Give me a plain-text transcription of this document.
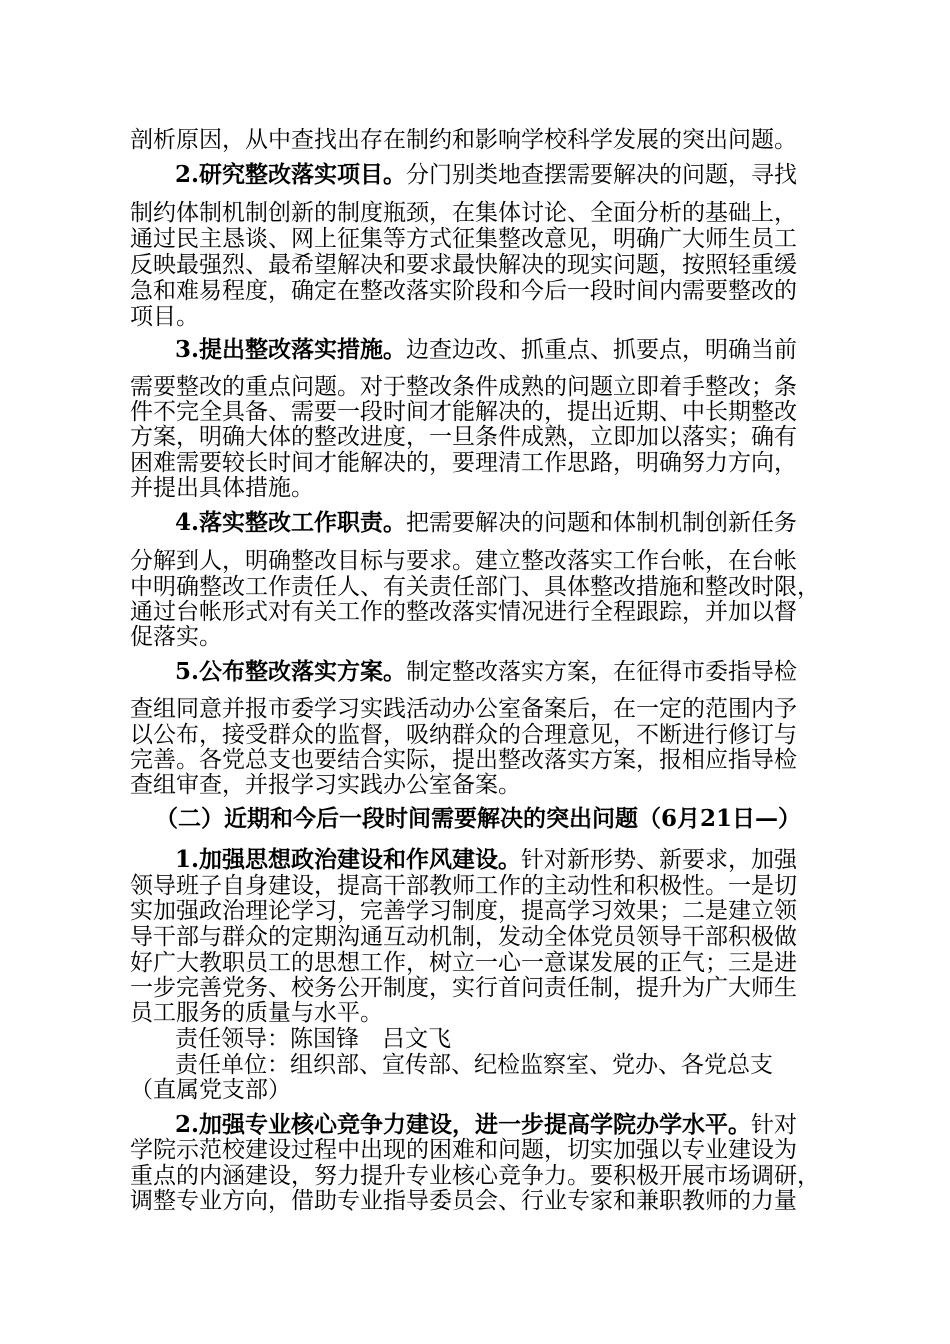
剖析原因，从中查找出存在制约和影响学校科学发展的突出问题。
2.研究整改落实项目。分门别类地查摆需要解决的问题，寻找
制约体制机制创新的制度瓶颈，在集体讨论、全面分析的基础上，
通过民主恳谈、网上征集等方式征集整改意见，明确广大师生员工
反映最强烈、最希望解决和要求最快解决的现实问题，按照轻重缓
急和难易程度，确定在整改落实阶段和今后一段时间内需要整改的
项目。
3.提出整改落实措施。边查边改、抓重点、抓要点，明确当前
需要整改的重点问题。对于整改条件成熟的问题立即着手整改；条
件不完全具备、需要一段时间才能解决的，提出近期、中长期整改
方案，明确大体的整改进度，一旦条件成熟，立即加以落实；确有
困难需要较长时间才能解决的，要理清工作思路，明确努力方向，
并提出具体措施。
4.落实整改工作职责。把需要解决的问题和体制机制创新任务
分解到人，明确整改目标与要求。建立整改落实工作台帐，在台帐
中明确整改工作责任人、有关责任部门、具体整改措施和整改时限，
通过台帐形式对有关工作的整改落实情况进行全程跟踪，并加以督
促落实。
5.公布整改落实方案。制定整改落实方案，在征得市委指导检
查组同意并报市委学习实践活动办公室备案后，在一定的范围内予
以公布，接受群众的监督，吸纳群众的合理意见，不断进行修订与
完善。各党总支也要结合实际，提出整改落实方案，报相应指导检
查组审查，并报学习实践办公室备案。
（二）近期和今后一段时间需要解决的突出问题（6月21日—）
1.加强思想政治建设和作风建设。针对新形势、新要求，加强
领导班子自身建设，提高干部教师工作的主动性和积极性。一是切
实加强政治理论学习，完善学习制度，提高学习效果；二是建立领
导干部与群众的定期沟通互动机制，发动全体党员领导干部积极做
好广大教职员工的思想工作，树立一心一意谋发展的正气；三是进
一步完善党务、校务公开制度，实行首问责任制，提升为广大师生
员工服务的质量与水平。
责任领导：陈国锋　吕文飞
责任单位：组织部、宣传部、纪检监察室、党办、各党总支
（直属党支部）
2.加强专业核心竞争力建设，进一步提高学院办学水平。针对
学院示范校建设过程中出现的困难和问题，切实加强以专业建设为
重点的内涵建设，努力提升专业核心竞争力。要积极开展市场调研，
调整专业方向，借助专业指导委员会、行业专家和兼职教师的力量
